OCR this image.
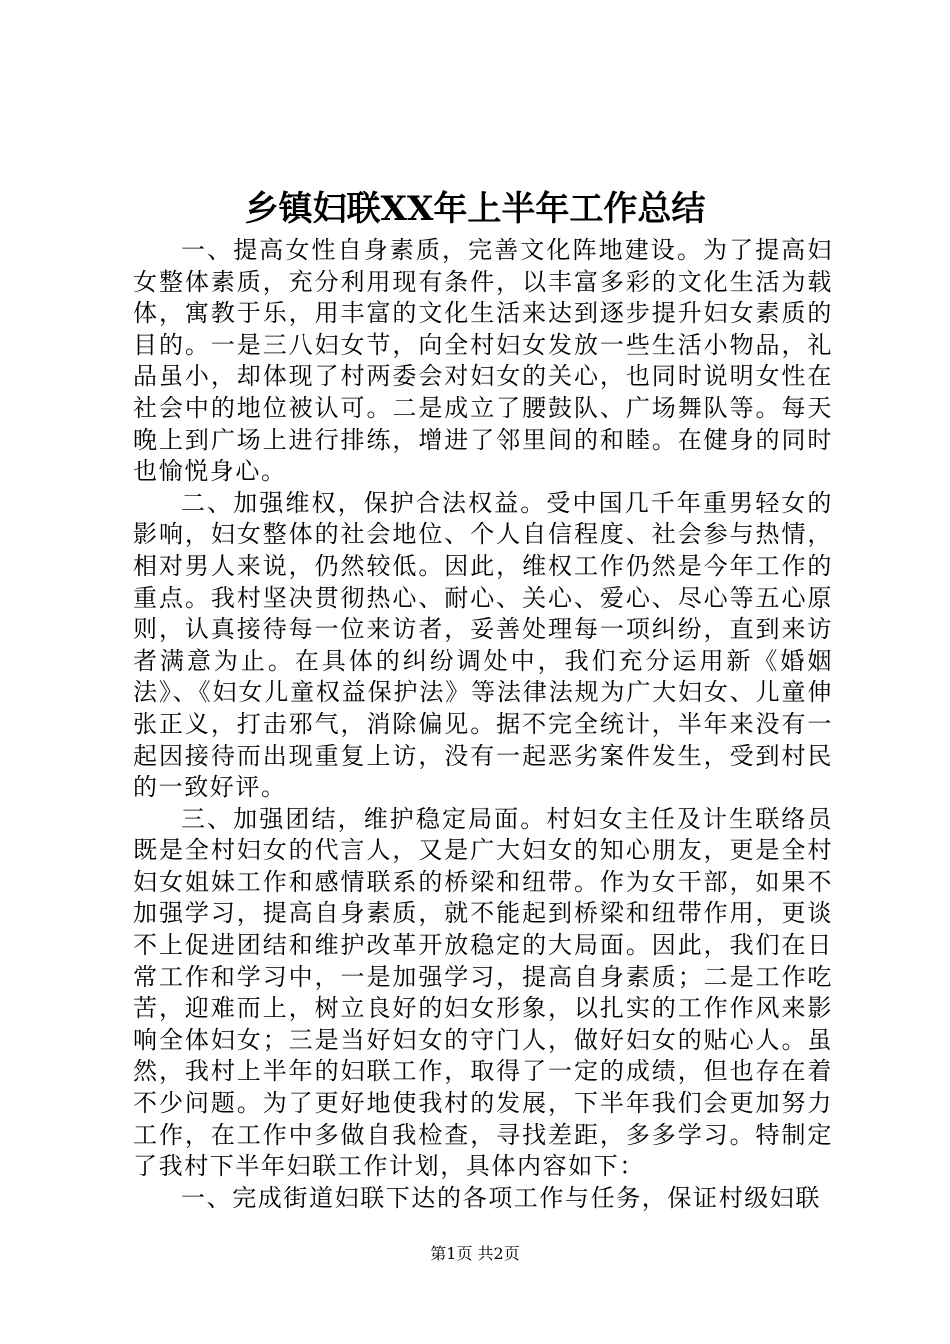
乡镇妇联XX年上半年工作总结

一、提高女性自身素质，完善文化阵地建设。为了提高妇女整体素质，充分利用现有条件，以丰富多彩的文化生活为载体，寓教于乐，用丰富的文化生活来达到逐步提升妇女素质的目的。一是三八妇女节，向全村妇女发放一些生活小物品，礼品虽小，却体现了村两委会对妇女的关心，也同时说明女性在社会中的地位被认可。二是成立了腰鼓队、广场舞队等。每天晚上到广场上进行排练，增进了邻里间的和睦。在健身的同时也愉悦身心。

二、加强维权，保护合法权益。受中国几千年重男轻女的影响，妇女整体的社会地位、个人自信程度、社会参与热情，相对男人来说，仍然较低。因此，维权工作仍然是今年工作的重点。我村坚决贯彻热心、耐心、关心、爱心、尽心等五心原则，认真接待每一位来访者，妥善处理每一项纠纷，直到来访者满意为止。在具体的纠纷调处中，我们充分运用新《婚姻法》、《妇女儿童权益保护法》等法律法规为广大妇女、儿童伸张正义，打击邪气，消除偏见。据不完全统计，半年来没有一起因接待而出现重复上访，没有一起恶劣案件发生，受到村民的一致好评。

三、加强团结，维护稳定局面。村妇女主任及计生联络员既是全村妇女的代言人，又是广大妇女的知心朋友，更是全村妇女姐妹工作和感情联系的桥梁和纽带。作为女干部，如果不加强学习，提高自身素质，就不能起到桥梁和纽带作用，更谈不上促进团结和维护改革开放稳定的大局面。因此，我们在日常工作和学习中，一是加强学习，提高自身素质；二是工作吃苦，迎难而上，树立良好的妇女形象，以扎实的工作作风来影响全体妇女；三是当好妇女的守门人，做好妇女的贴心人。虽然，我村上半年的妇联工作，取得了一定的成绩，但也存在着不少问题。为了更好地使我村的发展，下半年我们会更加努力工作，在工作中多做自我检查，寻找差距，多多学习。特制定了我村下半年妇联工作计划，具体内容如下：

一、完成街道妇联下达的各项工作与任务，保证村级妇联

第1页 共2页
